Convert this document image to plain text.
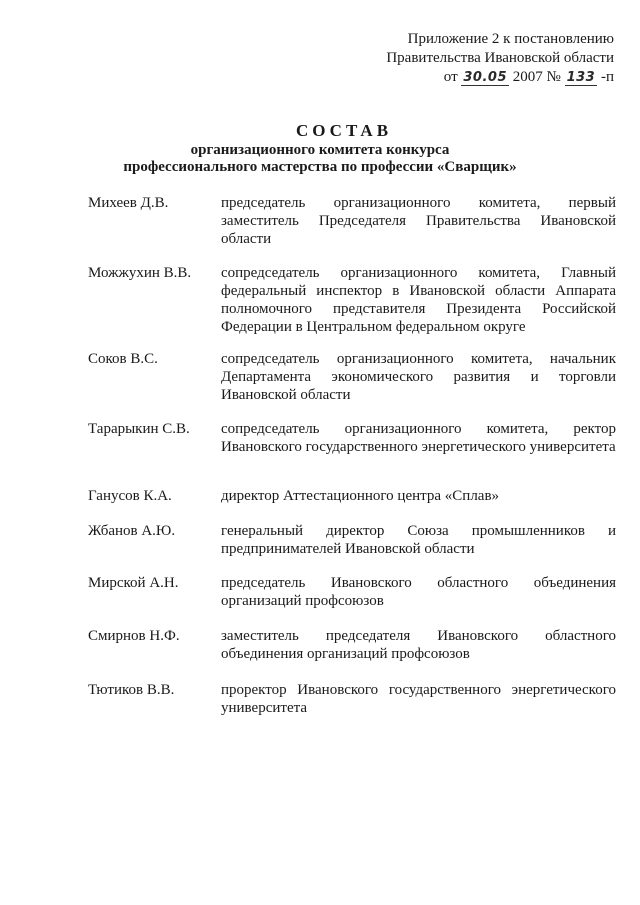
Приложение 2 к постановлению
Правительства Ивановской области
от 30.05 2007 № 133 -п
СОСТАВ
организационного комитета конкурса
профессионального мастерства по профессии «Сварщик»
Михеев Д.В.	председатель организационного комитета, первый заместитель Председателя Правительства Ивановской области
Можжухин В.В.	сопредседатель организационного комитета, Главный федеральный инспектор в Ивановской области Аппарата полномочного представителя Президента Российской Федерации в Центральном федеральном округе
Соков В.С.	сопредседатель организационного комитета, начальник Департамента экономического развития и торговли Ивановской области
Тарарыкин С.В.	сопредседатель организационного комитета, ректор Ивановского государственного энергетического университета
Ганусов К.А.	директор Аттестационного центра «Сплав»
Жбанов А.Ю.	генеральный директор Союза промышленников и предпринимателей Ивановской области
Мирской А.Н.	председатель Ивановского областного объединения организаций профсоюзов
Смирнов Н.Ф.	заместитель председателя Ивановского областного объединения организаций профсоюзов
Тютиков В.В.	проректор Ивановского государственного энергетического университета
